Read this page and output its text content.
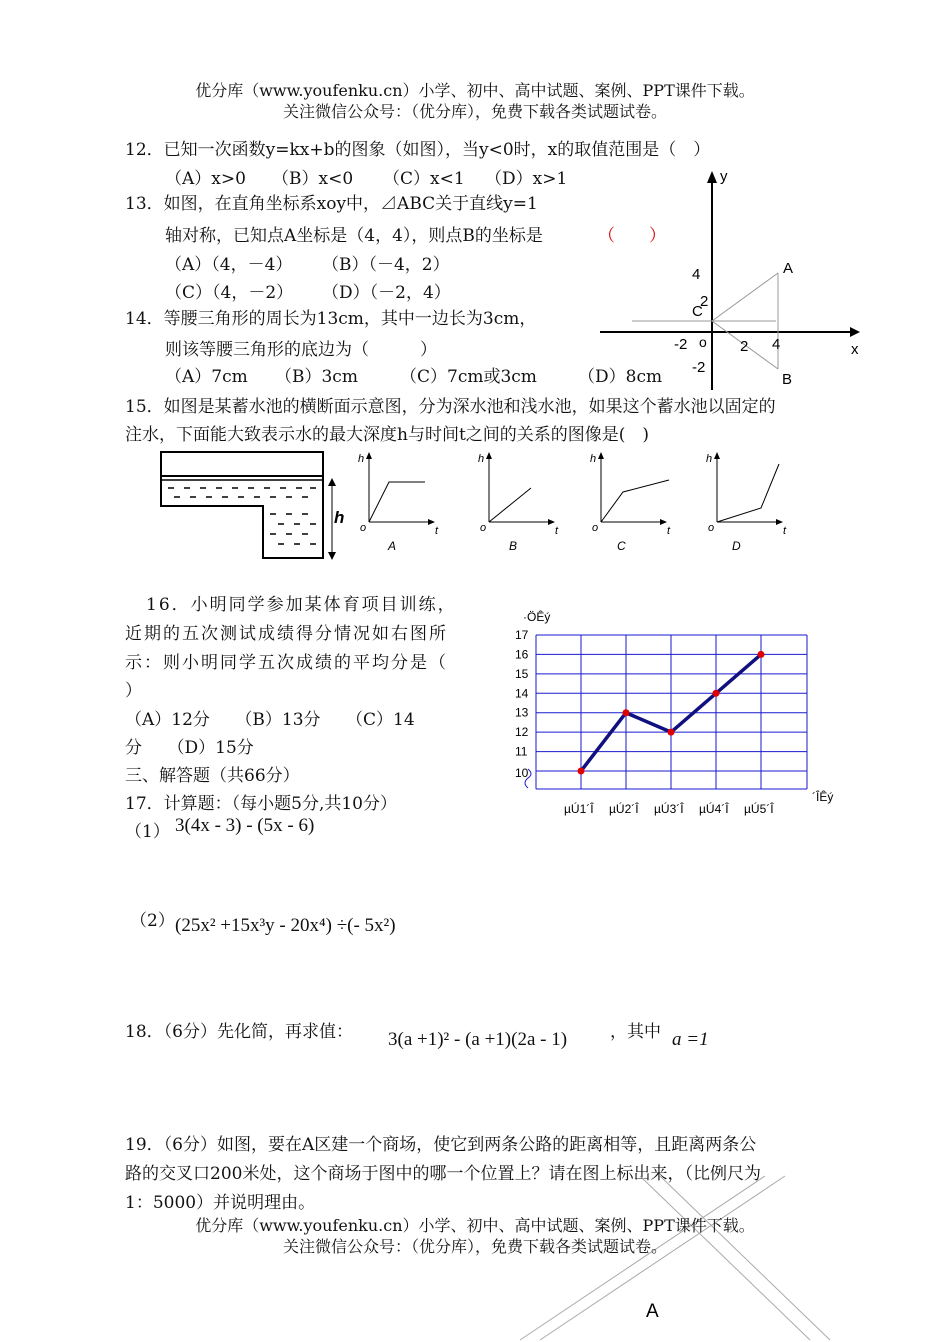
优分库（www.youfenku.cn）小学、初中、高中试题、案例、PPT课件下载。
关注微信公众号：（优分库），免费下载各类试题试卷。
12．已知一次函数y=kx+b的图象（如图），当y<0时，x的取值范围是（　）
（A）x>0 （B）x<0 （C）x<1 （D）x>1
13．如图，在直角坐标系xoy中，⊿ABC关于直线y=1
轴对称，已知点A坐标是（4，4），则点B的坐标是	（　　）
（A）（4，－4） （B）（－4，2）
（C）（4，－2） （D）（－2，4）
14．等腰三角形的周长为13cm，其中一边长为3cm，
则该等腰三角形的底边为（　　　）
（A）7cm （B）3cm （C）7cm或3cm （D）8cm
y
x
o
4
2
-2
2 4
-2
A
B
C
15．如图是某蓄水池的横断面示意图，分为深水池和浅水池，如果这个蓄水池以固定的
注水，下面能大致表示水的最大深度h与时间t之间的关系的图像是(　)
h
h
t
o
A
h
t
o
B
h
t
o
C
h
t
o
D
16．小明同学参加某体育项目训练，
近期的五次测试成绩得分情况如右图所
示：则小明同学五次成绩的平均分是（
）
（A）12分　　（B）13分　　（C）14
分　　（D）15分
·ÖÊý
´ÎÊý
10
11
12
13
14
15
16
17
µÚ1´Î µÚ2´Î µÚ3´Î µÚ4´Î µÚ5´Î
三、解答题（共66分）
17．计算题：（每小题5分,共10分）
（1） 3(4x - 3) - (5x - 6)
（2） (25x² +15x³y - 20x⁴) ÷(- 5x²)
18．（6分）先化简，再求值： 3(a +1)² - (a +1)(2a - 1)	，其中 a =1
19．（6分）如图，要在A区建一个商场，使它到两条公路的距离相等，且距离两条公
路的交叉口200米处，这个商场于图中的哪一个位置上？请在图上标出来，（比例尺为
1：5000）并说明理由。
A
优分库（www.youfenku.cn）小学、初中、高中试题、案例、PPT课件下载。
关注微信公众号：（优分库），免费下载各类试题试卷。
